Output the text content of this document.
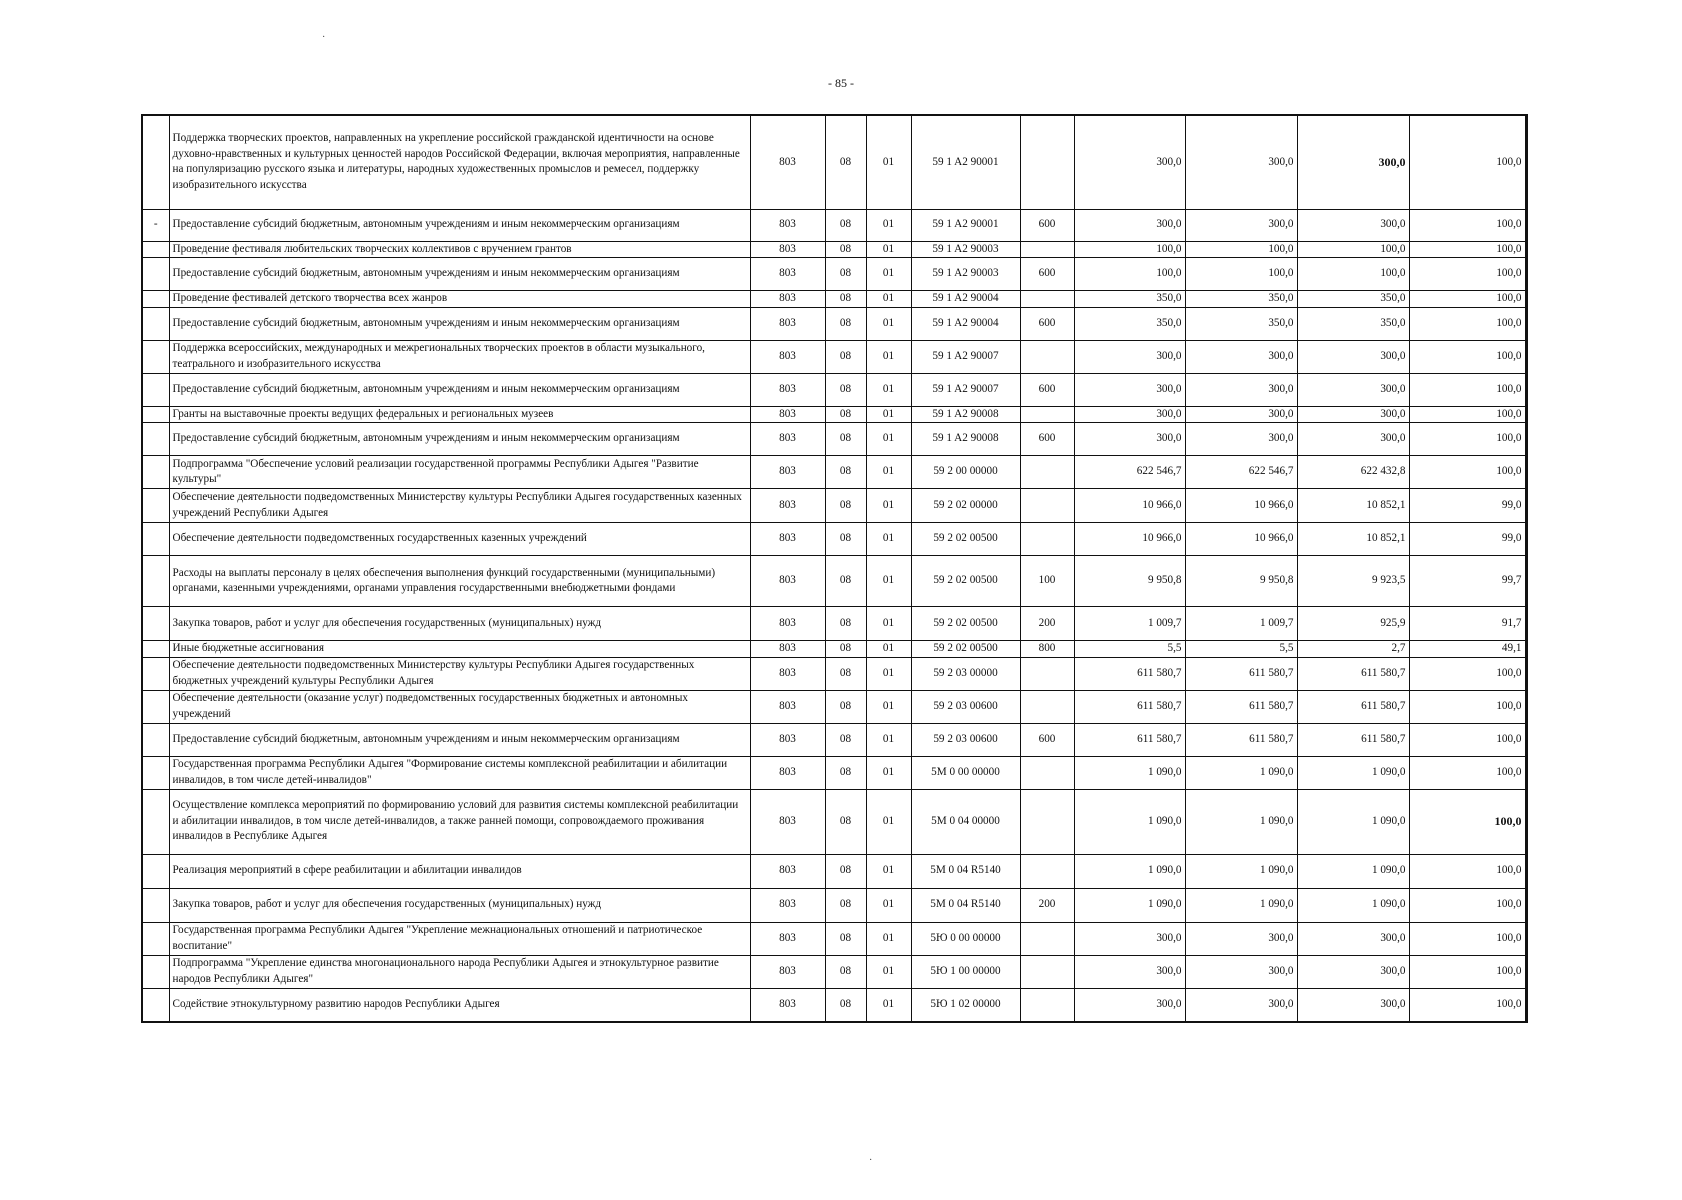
- 85 -
	Поддержка творческих проектов, направленных на укрепление российской гражданской идентичности на основе духовно-нравственных и культурных ценностей народов Российской Федерации, включая мероприятия, направленные на популяризацию русского языка и литературы, народных художественных промыслов и ремесел, поддержку изобразительного искусства	803	08	01	59 1 A2 90001		300,0	300,0	300,0	100,0
-	Предоставление субсидий бюджетным, автономным учреждениям и иным некоммерческим организациям	803	08	01	59 1 A2 90001	600	300,0	300,0	300,0	100,0
	Проведение фестиваля любительских творческих коллективов с вручением грантов	803	08	01	59 1 A2 90003		100,0	100,0	100,0	100,0
	Предоставление субсидий бюджетным, автономным учреждениям и иным некоммерческим организациям	803	08	01	59 1 A2 90003	600	100,0	100,0	100,0	100,0
	Проведение фестивалей детского творчества всех жанров	803	08	01	59 1 A2 90004		350,0	350,0	350,0	100,0
	Предоставление субсидий бюджетным, автономным учреждениям и иным некоммерческим организациям	803	08	01	59 1 A2 90004	600	350,0	350,0	350,0	100,0
	Поддержка всероссийских, международных и межрегиональных творческих проектов в области музыкального, театрального и изобразительного искусства	803	08	01	59 1 A2 90007		300,0	300,0	300,0	100,0
	Предоставление субсидий бюджетным, автономным учреждениям и иным некоммерческим организациям	803	08	01	59 1 A2 90007	600	300,0	300,0	300,0	100,0
	Гранты на выставочные проекты ведущих федеральных и региональных музеев	803	08	01	59 1 A2 90008		300,0	300,0	300,0	100,0
	Предоставление субсидий бюджетным, автономным учреждениям и иным некоммерческим организациям	803	08	01	59 1 A2 90008	600	300,0	300,0	300,0	100,0
	Подпрограмма "Обеспечение условий реализации государственной программы Республики Адыгея "Развитие культуры"	803	08	01	59 2 00 00000		622 546,7	622 546,7	622 432,8	100,0
	Обеспечение деятельности подведомственных Министерству культуры Республики Адыгея государственных казенных учреждений Республики Адыгея	803	08	01	59 2 02 00000		10 966,0	10 966,0	10 852,1	99,0
	Обеспечение деятельности подведомственных государственных казенных учреждений	803	08	01	59 2 02 00500		10 966,0	10 966,0	10 852,1	99,0
	Расходы на выплаты персоналу в целях обеспечения выполнения функций государственными (муниципальными) органами, казенными учреждениями, органами управления государственными внебюджетными фондами	803	08	01	59 2 02 00500	100	9 950,8	9 950,8	9 923,5	99,7
	Закупка товаров, работ и услуг для обеспечения государственных (муниципальных) нужд	803	08	01	59 2 02 00500	200	1 009,7	1 009,7	925,9	91,7
	Иные бюджетные ассигнования	803	08	01	59 2 02 00500	800	5,5	5,5	2,7	49,1
	Обеспечение деятельности подведомственных Министерству культуры Республики Адыгея государственных бюджетных учреждений культуры Республики Адыгея	803	08	01	59 2 03 00000		611 580,7	611 580,7	611 580,7	100,0
	Обеспечение деятельности (оказание услуг) подведомственных государственных бюджетных и автономных учреждений	803	08	01	59 2 03 00600		611 580,7	611 580,7	611 580,7	100,0
	Предоставление субсидий бюджетным, автономным учреждениям и иным некоммерческим организациям	803	08	01	59 2 03 00600	600	611 580,7	611 580,7	611 580,7	100,0
	Государственная программа Республики Адыгея "Формирование системы комплексной реабилитации и абилитации инвалидов, в том числе детей-инвалидов"	803	08	01	5М 0 00 00000		1 090,0	1 090,0	1 090,0	100,0
	Осуществление комплекса мероприятий по формированию условий для развития системы комплексной реабилитации и абилитации инвалидов, в том числе детей-инвалидов, а также ранней помощи, сопровождаемого проживания инвалидов в Республике Адыгея	803	08	01	5М 0 04 00000		1 090,0	1 090,0	1 090,0	100,0
	Реализация мероприятий в сфере реабилитации и абилитации инвалидов	803	08	01	5М 0 04 R5140		1 090,0	1 090,0	1 090,0	100,0
	Закупка товаров, работ и услуг для обеспечения государственных (муниципальных) нужд	803	08	01	5М 0 04 R5140	200	1 090,0	1 090,0	1 090,0	100,0
	Государственная программа Республики Адыгея "Укрепление межнациональных отношений и патриотическое воспитание"	803	08	01	5Ю 0 00 00000		300,0	300,0	300,0	100,0
	Подпрограмма "Укрепление единства многонационального народа Республики Адыгея и этнокультурное развитие народов Республики Адыгея"	803	08	01	5Ю 1 00 00000		300,0	300,0	300,0	100,0
	Содействие этнокультурному развитию народов Республики Адыгея	803	08	01	5Ю 1 02 00000		300,0	300,0	300,0	100,0
·
·
